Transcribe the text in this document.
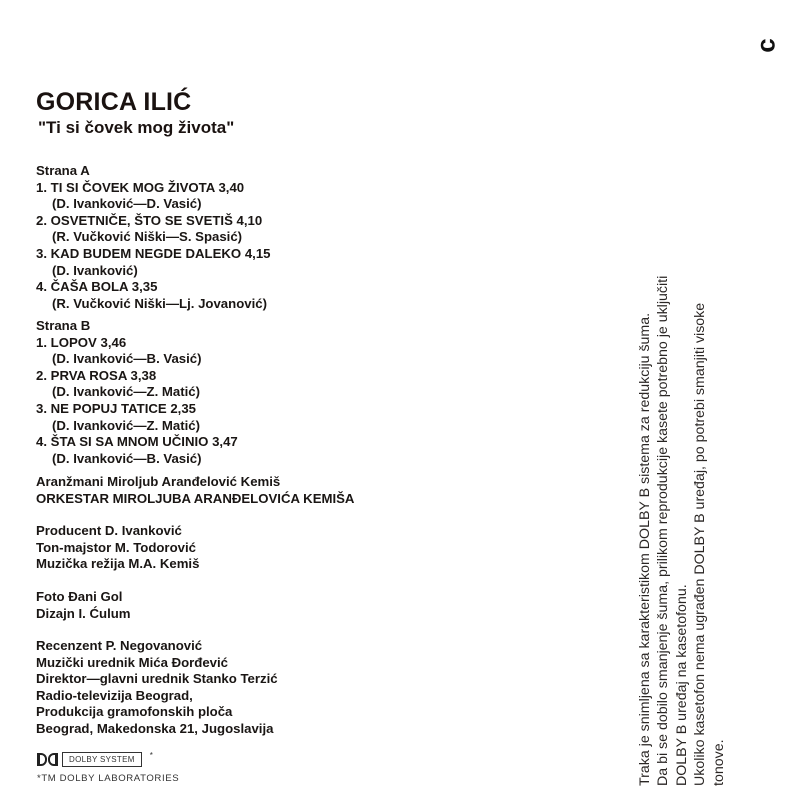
GORICA ILIĆ
"Ti si čovek mog života"
Strana A
1. TI SI ČOVEK MOG ŽIVOTA 3,40
(D. Ivanković—D. Vasić)
2. OSVETNIČE, ŠTO SE SVETIŠ 4,10
(R. Vučković Niški—S. Spasić)
3. KAD BUDEM NEGDE DALEKO 4,15
(D. Ivanković)
4. ČAŠA BOLA 3,35
(R. Vučković Niški—Lj. Jovanović)
Strana B
1. LOPOV 3,46
(D. Ivanković—B. Vasić)
2. PRVA ROSA 3,38
(D. Ivanković—Z. Matić)
3. NE POPUJ TATICE 2,35
(D. Ivanković—Z. Matić)
4. ŠTA SI SA MNOM UČINIO 3,47
(D. Ivanković—B. Vasić)
Aranžmani Miroljub Aranđelović Kemiš
ORKESTAR MIROLJUBA ARANĐELOVIĆA KEMIŠA
Producent D. Ivanković
Ton-majstor M. Todorović
Muzička režija M.A. Kemiš
Foto Đani Gol
Dizajn I. Ćulum
Recenzent P. Negovanović
Muzički urednik Mića Đorđević
Direktor—glavni urednik Stanko Terzić
Radio-televizija Beograd,
Produkcija gramofonskih ploča
Beograd, Makedonska 21, Jugoslavija
DOLBY SYSTEM	*
*TM DOLBY LABORATORIES	Traka je snimljena sa karakteristikom DOLBY B sistema za redukciju šuma. Da bi se dobilo smanjenje šuma, prilikom reprodukcije kasete potrebno je uključiti DOLBY B uređaj na kasetofonu. Ukoliko kasetofon nema ugrađen DOLBY B uređaj, po potrebi smanjiti visoke tonove.
c
